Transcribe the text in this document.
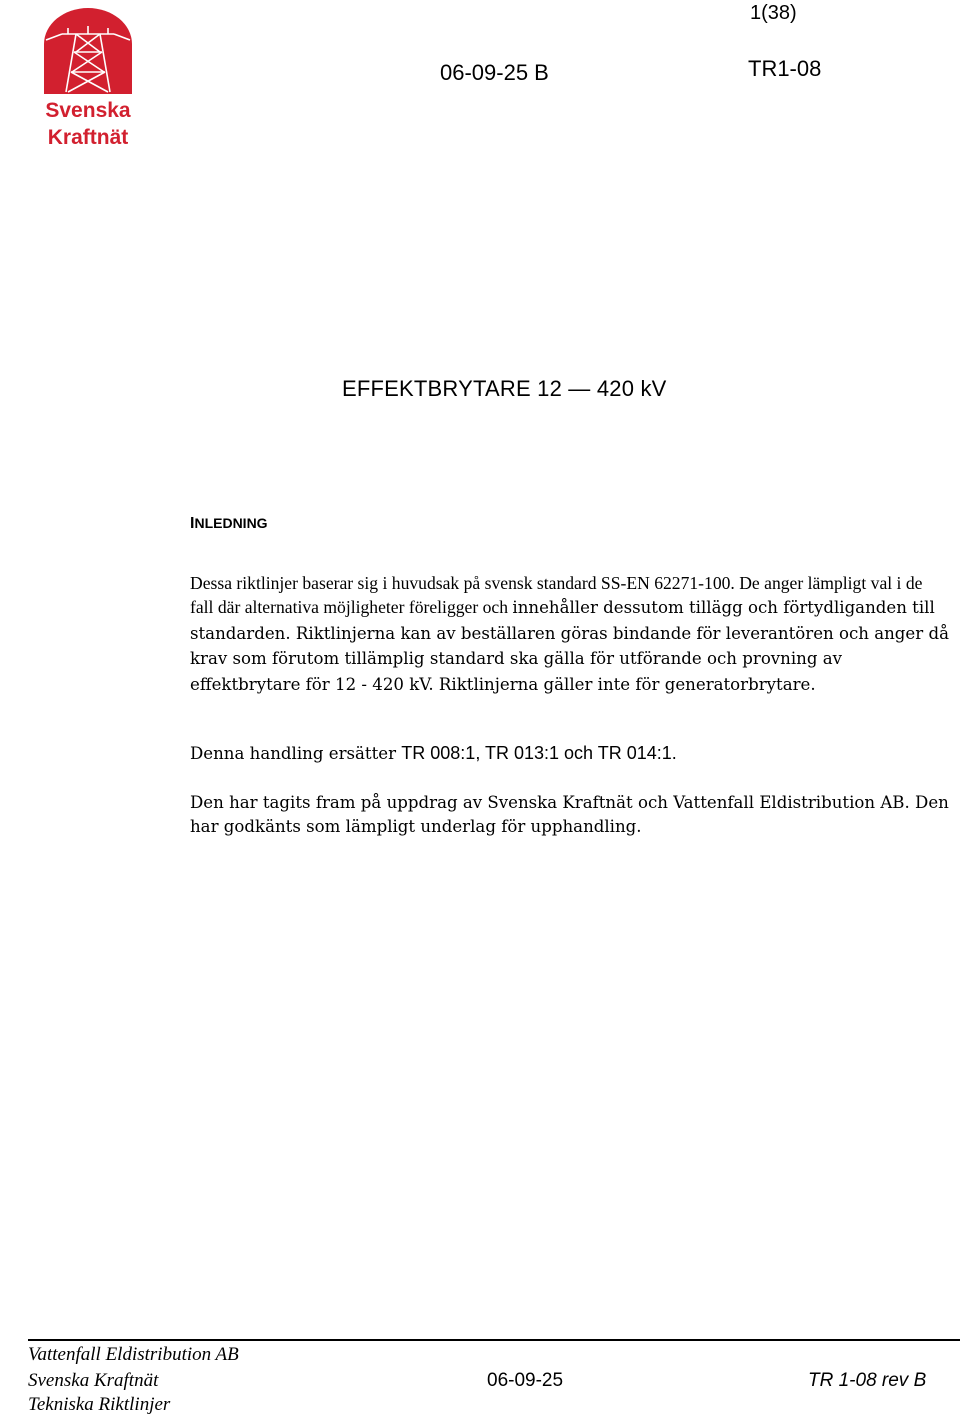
Svenska
Kraftnät
1(38)
06-09-25 B	TR1-08
EFFEKTBRYTARE 12 — 420 kV
INLEDNING

Dessa riktlinjer baserar sig i huvudsak på svensk standard SS-EN 62271-100. De anger lämpligt val i de fall där alternativa möjligheter föreligger och innehåller dessutom tillägg och förtydliganden till standarden. Riktlinjerna kan av beställaren göras bindande för leverantören och anger då krav som förutom tillämplig standard ska gälla för utförande och provning av effektbrytare för 12 - 420 kV. Riktlinjerna gäller inte för generatorbrytare.

Denna handling ersätter TR 008:1, TR 013:1 och TR 014:1.

Den har tagits fram på uppdrag av Svenska Kraftnät och Vattenfall Eldistribution AB. Den har godkänts som lämpligt underlag för upphandling.

Vattenfall Eldistribution AB
Svenska Kraftnät
Tekniska Riktlinjer
06-09-25	TR 1-08 rev B
